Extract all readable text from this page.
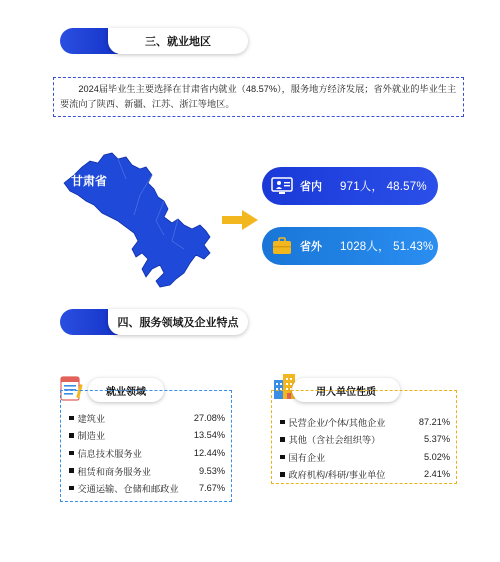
三、就业地区
2024届毕业生主要选择在甘肃省内就业（48.57%），服务地方经济发展；省外就业的毕业生主要流向了陕西、新疆、江苏、浙江等地区。
甘肃省	省内	971人， 48.57%
省外	1028人， 51.43%
四、服务领域及企业特点
就业领域
建筑业	27.08%
制造业	13.54%
信息技术服务业	12.44%
租赁和商务服务业	9.53%
交通运输、仓储和邮政业	7.67%
用人单位性质
民营企业/个体/其他企业	87.21%
其他（含社会组织等）	5.37%
国有企业	5.02%
政府机构/科研/事业单位	2.41%
